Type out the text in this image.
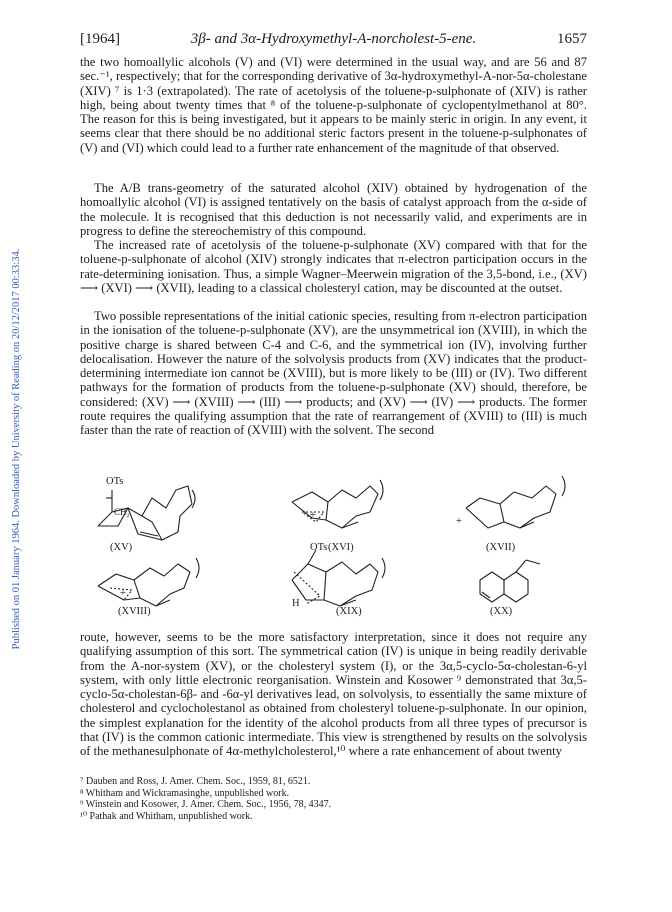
Published on 01 January 1964. Downloaded by University of Reading on 20/12/2017 00:33:34.
[1964]	3β- and 3α-Hydroxymethyl-A-norcholest-5-ene.	1657

the two homoallylic alcohols (V) and (VI) were determined in the usual way, and are 56 and 87 sec.⁻¹, respectively; that for the corresponding derivative of 3α-hydroxymethyl-A-nor-5α-cholestane (XIV) ⁷ is 1·3 (extrapolated). The rate of acetolysis of the toluene-p-sulphonate of (XIV) is rather high, being about twenty times that ⁸ of the toluene-p-sulphonate of cyclopentylmethanol at 80°. The reason for this is being investigated, but it appears to be mainly steric in origin. In any event, it seems clear that there should be no additional steric factors present in the toluene-p-sulphonates of (V) and (VI) which could lead to a further rate enhancement of the magnitude of that observed.

The A/B trans-geometry of the saturated alcohol (XIV) obtained by hydrogenation of the homoallylic alcohol (VI) is assigned tentatively on the basis of catalyst approach from the α-side of the molecule. It is recognised that this deduction is not necessarily valid, and experiments are in progress to define the stereochemistry of this compound.

The increased rate of acetolysis of the toluene-p-sulphonate (XV) compared with that for the toluene-p-sulphonate of alcohol (XIV) strongly indicates that π-electron participation occurs in the rate-determining ionisation. Thus, a simple Wagner–Meerwein migration of the 3,5-bond, i.e., (XV) ⟶ (XVI) ⟶ (XVII), leading to a classical cholesteryl cation, may be discounted at the outset.

Two possible representations of the initial cationic species, resulting from π-electron participation in the ionisation of the toluene-p-sulphonate (XV), are the unsymmetrical ion (XVIII), in which the positive charge is shared between C-4 and C-6, and the symmetrical ion (IV), involving further delocalisation. However the nature of the solvolysis products from (XV) indicates that the product-determining intermediate ion cannot be (XVIII), but is more likely to be (III) or (IV). Two different pathways for the formation of products from the toluene-p-sulphonate (XV) should, therefore, be considered: (XV) ⟶ (XVIII) ⟶ (III) ⟶ products; and (XV) ⟶ (IV) ⟶ products. The former route requires the qualifying assumption that the rate of rearrangement of (XVIII) to (III) is much faster than the rate of reaction of (XVIII) with the solvent. The second

OTs
CH₂	+
+
+
OTs
H
(XV)	(XVI)	(XVII)
(XVIII)	(XIX)	(XX)

route, however, seems to be the more satisfactory interpretation, since it does not require any qualifying assumption of this sort. The symmetrical cation (IV) is unique in being readily derivable from the A-nor-system (XV), or the cholesteryl system (I), or the 3α,5-cyclo-5α-cholestan-6-yl system, with only little electronic reorganisation. Winstein and Kosower ⁹ demonstrated that 3α,5-cyclo-5α-cholestan-6β- and -6α-yl derivatives lead, on solvolysis, to essentially the same mixture of cholesterol and cyclocholestanol as obtained from cholesteryl toluene-p-sulphonate. In our opinion, the simplest explanation for the identity of the alcohol products from all three types of precursor is that (IV) is the common cationic intermediate. This view is strengthened by results on the solvolysis of the methanesulphonate of 4α-methylcholesterol,¹⁰ where a rate enhancement of about twenty

⁷ Dauben and Ross, J. Amer. Chem. Soc., 1959, 81, 6521.
⁸ Whitham and Wickramasinghe, unpublished work.
⁹ Winstein and Kosower, J. Amer. Chem. Soc., 1956, 78, 4347.
¹⁰ Pathak and Whitham, unpublished work.
